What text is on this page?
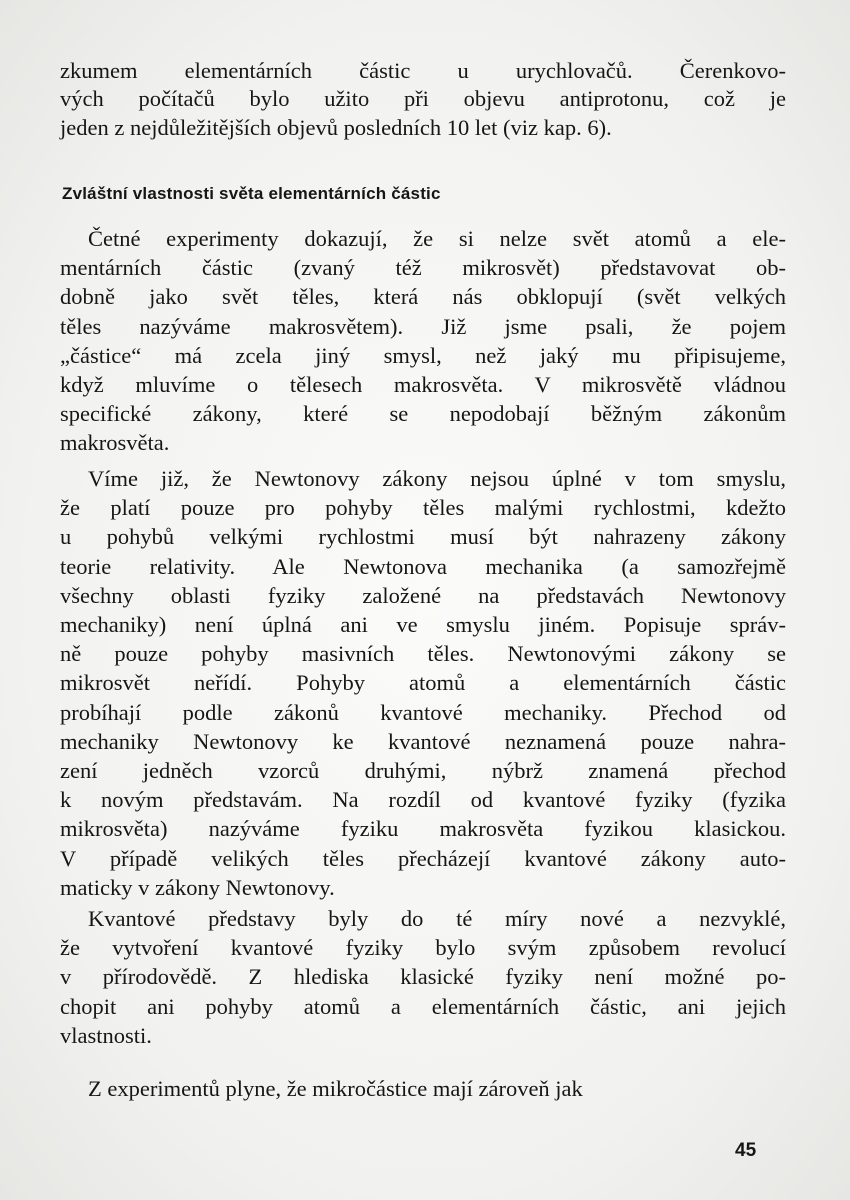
zkumem elementárních částic u urychlovačů. Čerenkovo-
vých počítačů bylo užito při objevu antiprotonu, což je
jeden z nejdůležitějších objevů posledních 10 let (viz kap. 6).
Zvláštní vlastnosti světa elementárních částic
Četné experimenty dokazují, že si nelze svět atomů a ele-
mentárních částic (zvaný též mikrosvět) představovat ob-
dobně jako svět těles, která nás obklopují (svět velkých
těles nazýváme makrosvětem). Již jsme psali, že pojem
„částice“ má zcela jiný smysl, než jaký mu připisujeme,
když mluvíme o tělesech makrosvěta. V mikrosvětě vládnou
specifické zákony, které se nepodobají běžným zákonům
makrosvěta.
Víme již, že Newtonovy zákony nejsou úplné v tom smyslu,
že platí pouze pro pohyby těles malými rychlostmi, kdežto
u pohybů velkými rychlostmi musí být nahrazeny zákony
teorie relativity. Ale Newtonova mechanika (a samozřejmě
všechny oblasti fyziky založené na představách Newtonovy
mechaniky) není úplná ani ve smyslu jiném. Popisuje správ-
ně pouze pohyby masivních těles. Newtonovými zákony se
mikrosvět neřídí. Pohyby atomů a elementárních částic
probíhají podle zákonů kvantové mechaniky. Přechod od
mechaniky Newtonovy ke kvantové neznamená pouze nahra-
zení jedněch vzorců druhými, nýbrž znamená přechod
k novým představám. Na rozdíl od kvantové fyziky (fyzika
mikrosvěta) nazýváme fyziku makrosvěta fyzikou klasickou.
V případě velikých těles přecházejí kvantové zákony auto-
maticky v zákony Newtonovy.
Kvantové představy byly do té míry nové a nezvyklé,
že vytvoření kvantové fyziky bylo svým způsobem revolucí
v přírodovědě. Z hlediska klasické fyziky není možné po-
chopit ani pohyby atomů a elementárních částic, ani jejich
vlastnosti.
Z experimentů plyne, že mikročástice mají zároveň jak
45
